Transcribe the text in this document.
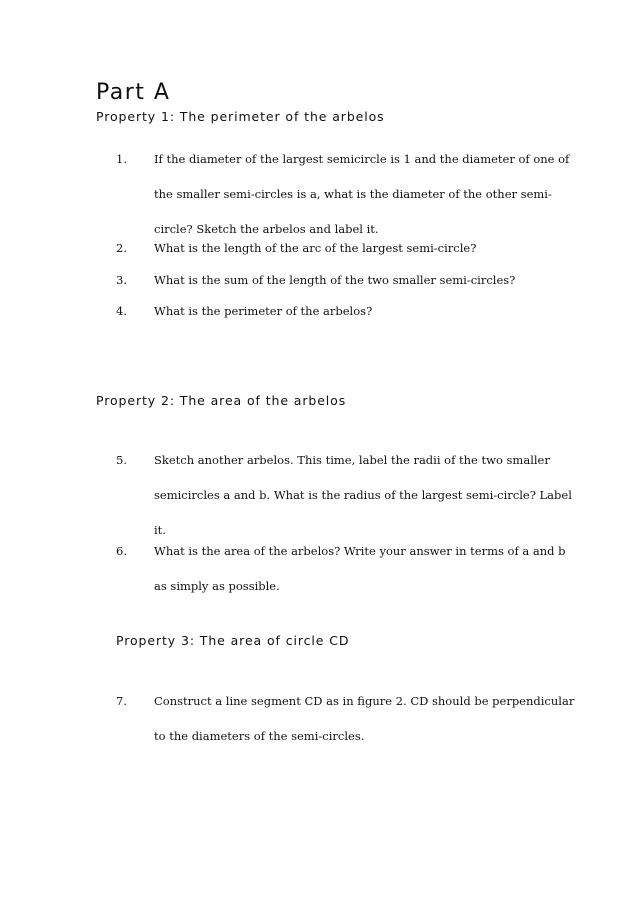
Part A
Property 1: The perimeter of the arbelos
1. If the diameter of the largest semicircle is 1 and the diameter of one of
the smaller semi-circles is a, what is the diameter of the other semi-
circle? Sketch the arbelos and label it.
2. What is the length of the arc of the largest semi-circle?
3. What is the sum of the length of the two smaller semi-circles?
4. What is the perimeter of the arbelos?
Property 2: The area of the arbelos
5. Sketch another arbelos. This time, label the radii of the two smaller
semicircles a and b. What is the radius of the largest semi-circle? Label
it.
6. What is the area of the arbelos? Write your answer in terms of a and b
as simply as possible.
Property 3: The area of circle CD
7. Construct a line segment CD as in figure 2. CD should be perpendicular
to the diameters of the semi-circles.
